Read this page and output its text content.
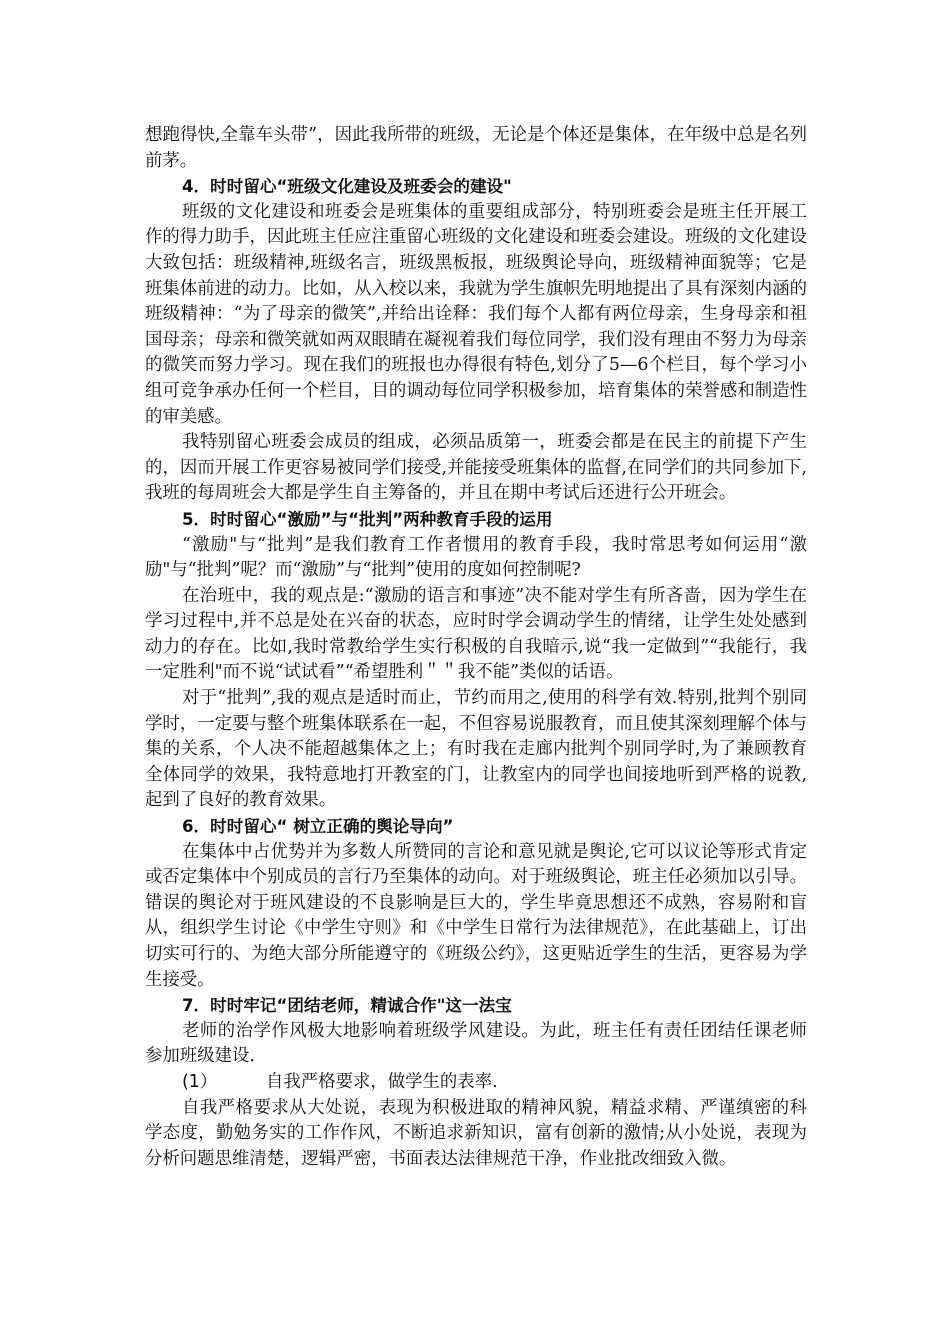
想跑得快,全靠车头带”，因此我所带的班级，无论是个体还是集体，在年级中总是名列前茅。

4．时时留心“班级文化建设及班委会的建设"

班级的文化建设和班委会是班集体的重要组成部分，特别班委会是班主任开展工作的得力助手，因此班主任应注重留心班级的文化建设和班委会建设。班级的文化建设大致包括：班级精神,班级名言，班级黑板报，班级舆论导向，班级精神面貌等；它是班集体前进的动力。比如，从入校以来，我就为学生旗帜先明地提出了具有深刻内涵的班级精神：“为了母亲的微笑”,并给出诠释：我们每个人都有两位母亲，生身母亲和祖国母亲；母亲和微笑就如两双眼睛在凝视着我们每位同学，我们没有理由不努力为母亲的微笑而努力学习。现在我们的班报也办得很有特色,划分了5—6个栏目，每个学习小组可竞争承办任何一个栏目，目的调动每位同学积极参加，培育集体的荣誉感和制造性的审美感。

我特别留心班委会成员的组成，必须品质第一，班委会都是在民主的前提下产生的，因而开展工作更容易被同学们接受,并能接受班集体的监督,在同学们的共同参加下,我班的每周班会大都是学生自主筹备的，并且在期中考试后还进行公开班会。

5．时时留心“激励”与“批判”两种教育手段的运用

“激励"与“批判”是我们教育工作者惯用的教育手段，我时常思考如何运用“激励"与“批判”呢？而“激励”与“批判”使用的度如何控制呢?

在治班中，我的观点是:“激励的语言和事迹”决不能对学生有所吝啬，因为学生在学习过程中,并不总是处在兴奋的状态，应时时学会调动学生的情绪，让学生处处感到动力的存在。比如,我时常教给学生实行积极的自我暗示,说“我一定做到”“我能行，我一定胜利"而不说“试试看”“希望胜利＂＂我不能”类似的话语。

对于“批判”,我的观点是适时而止，节约而用之,使用的科学有效.特别,批判个别同学时，一定要与整个班集体联系在一起，不但容易说服教育，而且使其深刻理解个体与集的关系，个人决不能超越集体之上；有时我在走廊内批判个别同学时,为了兼顾教育全体同学的效果，我特意地打开教室的门，让教室内的同学也间接地听到严格的说教,起到了良好的教育效果。

6．时时留心“ 树立正确的舆论导向”

在集体中占优势并为多数人所赞同的言论和意见就是舆论,它可以议论等形式肯定或否定集体中个别成员的言行乃至集体的动向。对于班级舆论，班主任必须加以引导。错误的舆论对于班风建设的不良影响是巨大的，学生毕竟思想还不成熟，容易附和盲从，组织学生讨论《中学生守则》和《中学生日常行为法律规范》，在此基础上，订出切实可行的、为绝大部分所能遵守的《班级公约》，这更贴近学生的生活，更容易为学生接受。

7．时时牢记“团结老师，精诚合作"这一法宝

老师的治学作风极大地影响着班级学风建设。为此，班主任有责任团结任课老师参加班级建设.

(1）	自我严格要求，做学生的表率.

自我严格要求从大处说，表现为积极进取的精神风貌，精益求精、严谨缜密的科学态度，勤勉务实的工作作风，不断追求新知识，富有创新的激情;从小处说，表现为分析问题思维清楚，逻辑严密，书面表达法律规范干净，作业批改细致入微。
